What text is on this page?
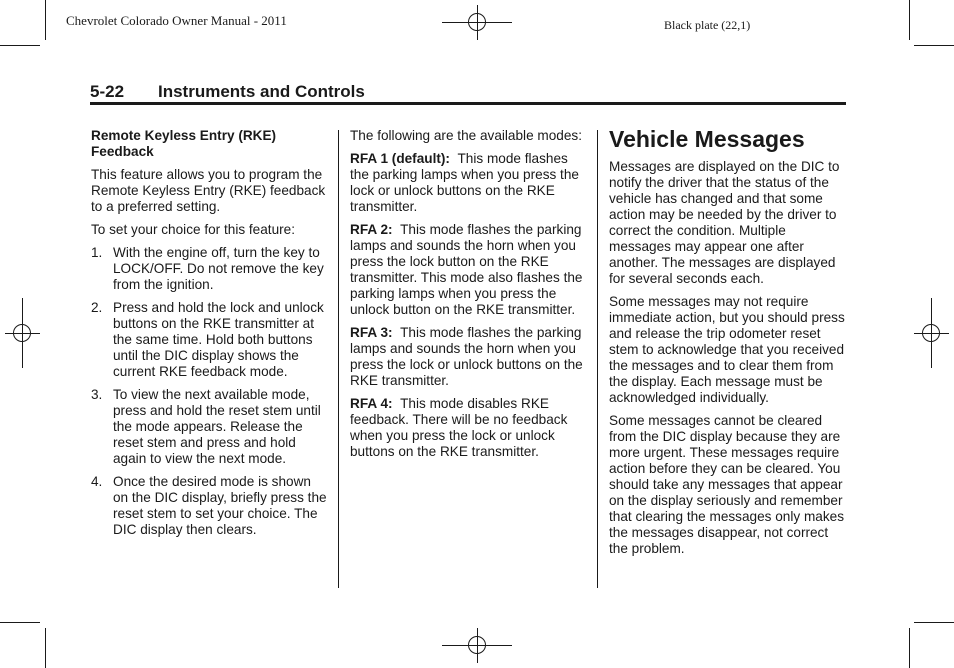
Chevrolet Colorado Owner Manual - 2011	Black plate (22,1)
5-22 Instruments and Controls

Remote Keyless Entry (RKE) Feedback

This feature allows you to program the Remote Keyless Entry (RKE) feedback to a preferred setting.

To set your choice for this feature:

1. With the engine off, turn the key to LOCK/OFF. Do not remove the key from the ignition.
2. Press and hold the lock and unlock buttons on the RKE transmitter at the same time. Hold both buttons until the DIC display shows the current RKE feedback mode.
3. To view the next available mode, press and hold the reset stem until the mode appears. Release the reset stem and press and hold again to view the next mode.
4. Once the desired mode is shown on the DIC display, briefly press the reset stem to set your choice. The DIC display then clears.

The following are the available modes:

RFA 1 (default): This mode flashes the parking lamps when you press the lock or unlock buttons on the RKE transmitter.

RFA 2: This mode flashes the parking lamps and sounds the horn when you press the lock button on the RKE transmitter. This mode also flashes the parking lamps when you press the unlock button on the RKE transmitter.

RFA 3: This mode flashes the parking lamps and sounds the horn when you press the lock or unlock buttons on the RKE transmitter.

RFA 4: This mode disables RKE feedback. There will be no feedback when you press the lock or unlock buttons on the RKE transmitter.

Vehicle Messages

Messages are displayed on the DIC to notify the driver that the status of the vehicle has changed and that some action may be needed by the driver to correct the condition. Multiple messages may appear one after another. The messages are displayed for several seconds each.

Some messages may not require immediate action, but you should press and release the trip odometer reset stem to acknowledge that you received the messages and to clear them from the display. Each message must be acknowledged individually.

Some messages cannot be cleared from the DIC display because they are more urgent. These messages require action before they can be cleared. You should take any messages that appear on the display seriously and remember that clearing the messages only makes the messages disappear, not correct the problem.
